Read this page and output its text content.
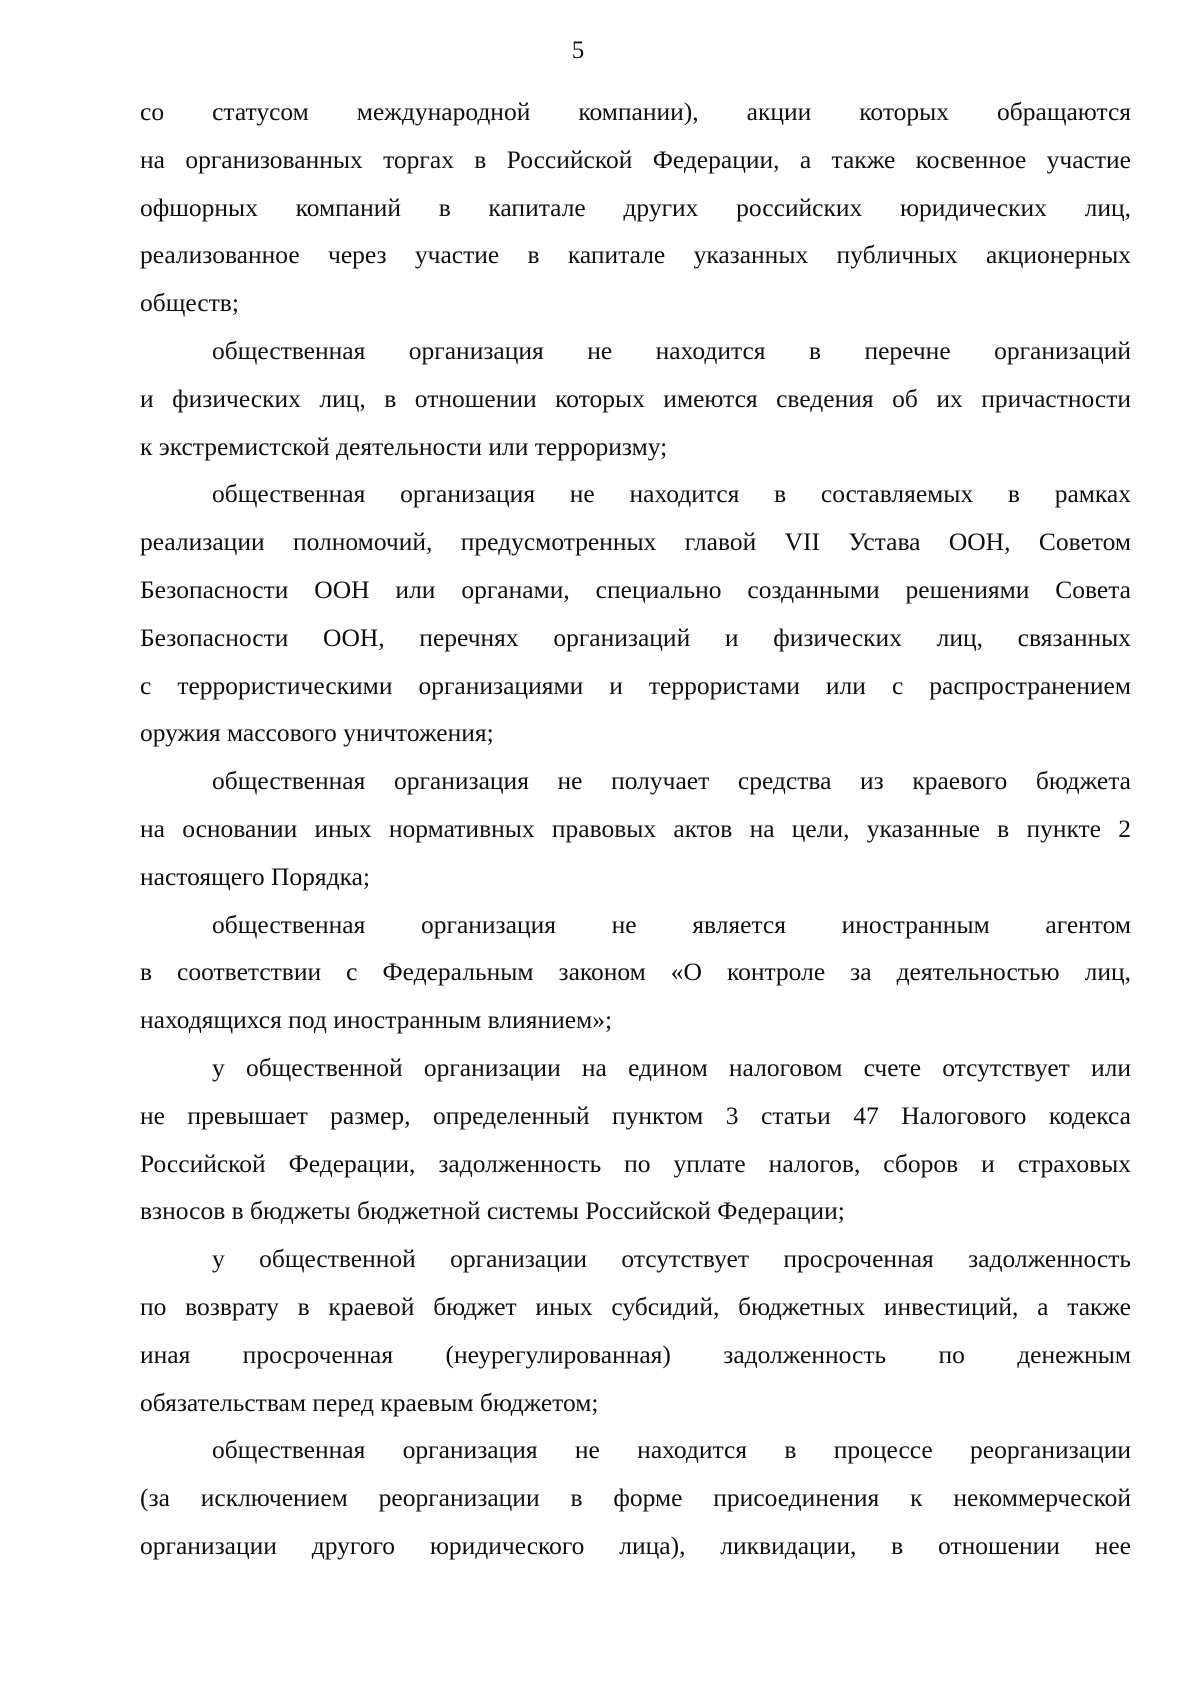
5
со статусом международной компании), акции которых обращаются
на организованных торгах в Российской Федерации, а также косвенное участие
офшорных компаний в капитале других российских юридических лиц,
реализованное через участие в капитале указанных публичных акционерных
обществ;
общественная организация не находится в перечне организаций
и физических лиц, в отношении которых имеются сведения об их причастности
к экстремистской деятельности или терроризму;
общественная организация не находится в составляемых в рамках
реализации полномочий, предусмотренных главой VII Устава ООН, Советом
Безопасности ООН или органами, специально созданными решениями Совета
Безопасности ООН, перечнях организаций и физических лиц, связанных
с террористическими организациями и террористами или с распространением
оружия массового уничтожения;
общественная организация не получает средства из краевого бюджета
на основании иных нормативных правовых актов на цели, указанные в пункте 2
настоящего Порядка;
общественная организация не является иностранным агентом
в соответствии с Федеральным законом «О контроле за деятельностью лиц,
находящихся под иностранным влиянием»;
у общественной организации на едином налоговом счете отсутствует или
не превышает размер, определенный пунктом 3 статьи 47 Налогового кодекса
Российской Федерации, задолженность по уплате налогов, сборов и страховых
взносов в бюджеты бюджетной системы Российской Федерации;
у общественной организации отсутствует просроченная задолженность
по возврату в краевой бюджет иных субсидий, бюджетных инвестиций, а также
иная просроченная (неурегулированная) задолженность по денежным
обязательствам перед краевым бюджетом;
общественная организация не находится в процессе реорганизации
(за исключением реорганизации в форме присоединения к некоммерческой
организации другого юридического лица), ликвидации, в отношении нее
